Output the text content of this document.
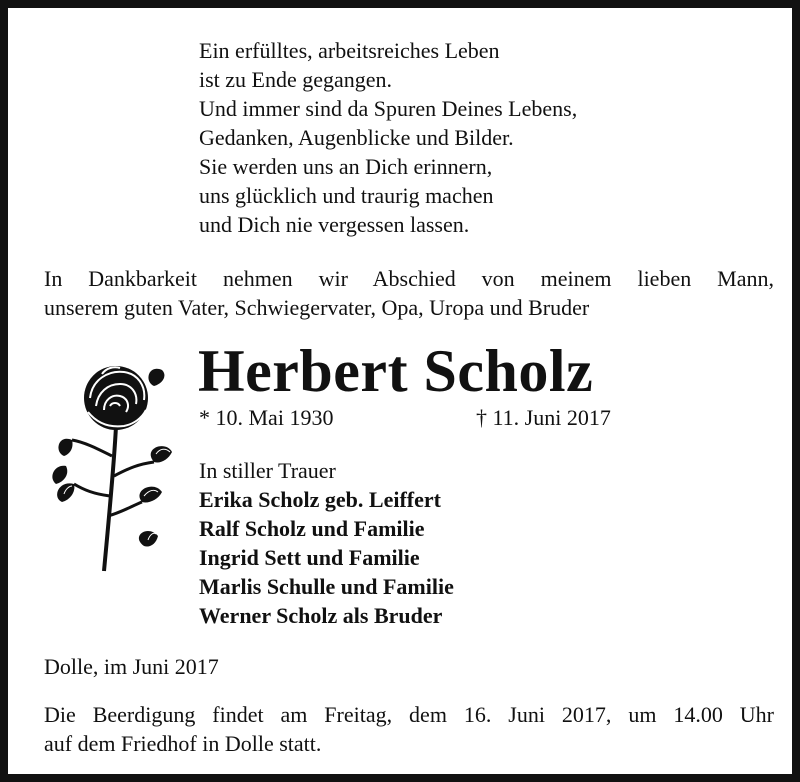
Ein erfülltes, arbeitsreiches Leben
ist zu Ende gegangen.
Und immer sind da Spuren Deines Lebens,
Gedanken, Augenblicke und Bilder.
Sie werden uns an Dich erinnern,
uns glücklich und traurig machen
und Dich nie vergessen lassen.
In Dankbarkeit nehmen wir Abschied von meinem lieben Mann,
unserem guten Vater, Schwiegervater, Opa, Uropa und Bruder
Herbert Scholz
* 10. Mai 1930	† 11. Juni 2017
In stiller Trauer
Erika Scholz geb. Leiffert
Ralf Scholz und Familie
Ingrid Sett und Familie
Marlis Schulle und Familie
Werner Scholz als Bruder
Dolle, im Juni 2017
Die Beerdigung findet am Freitag, dem 16. Juni 2017, um 14.00 Uhr
auf dem Friedhof in Dolle statt.
